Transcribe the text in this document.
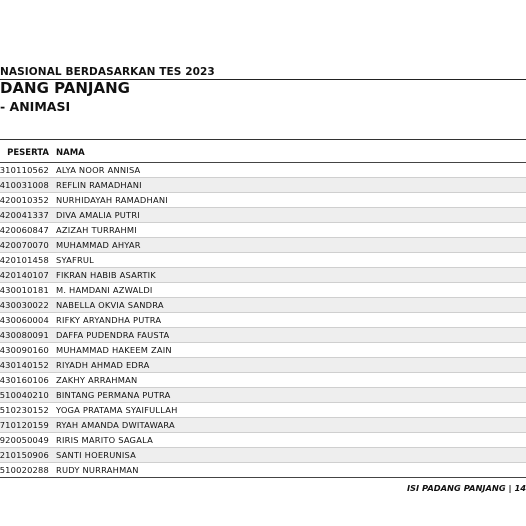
NASIONAL BERDASARKAN TES 2023
DANG PANJANG
- ANIMASI
PESERTA NAMA
310110562 ALYA NOOR ANNISA
410031008 REFLIN RAMADHANI
420010352 NURHIDAYAH RAMADHANI
420041337 DIVA AMALIA PUTRI
420060847 AZIZAH TURRAHMI
420070070 MUHAMMAD AHYAR
420101458 SYAFRUL
420140107 FIKRAN HABIB ASARTIK
430010181 M. HAMDANI AZWALDI
430030022 NABELLA OKVIA SANDRA
430060004 RIFKY ARYANDHA PUTRA
430080091 DAFFA PUDENDRA FAUSTA
430090160 MUHAMMAD HAKEEM ZAIN
430140152 RIYADH AHMAD EDRA
430160106 ZAKHY ARRAHMAN
510040210 BINTANG PERMANA PUTRA
510230152 YOGA PRATAMA SYAIFULLAH
710120159 RYAH AMANDA DWITAWARA
920050049 RIRIS MARITO SAGALA
210150906 SANTI HOERUNISA
510020288 RUDY NURRAHMAN
ISI PADANG PANJANG | 14
